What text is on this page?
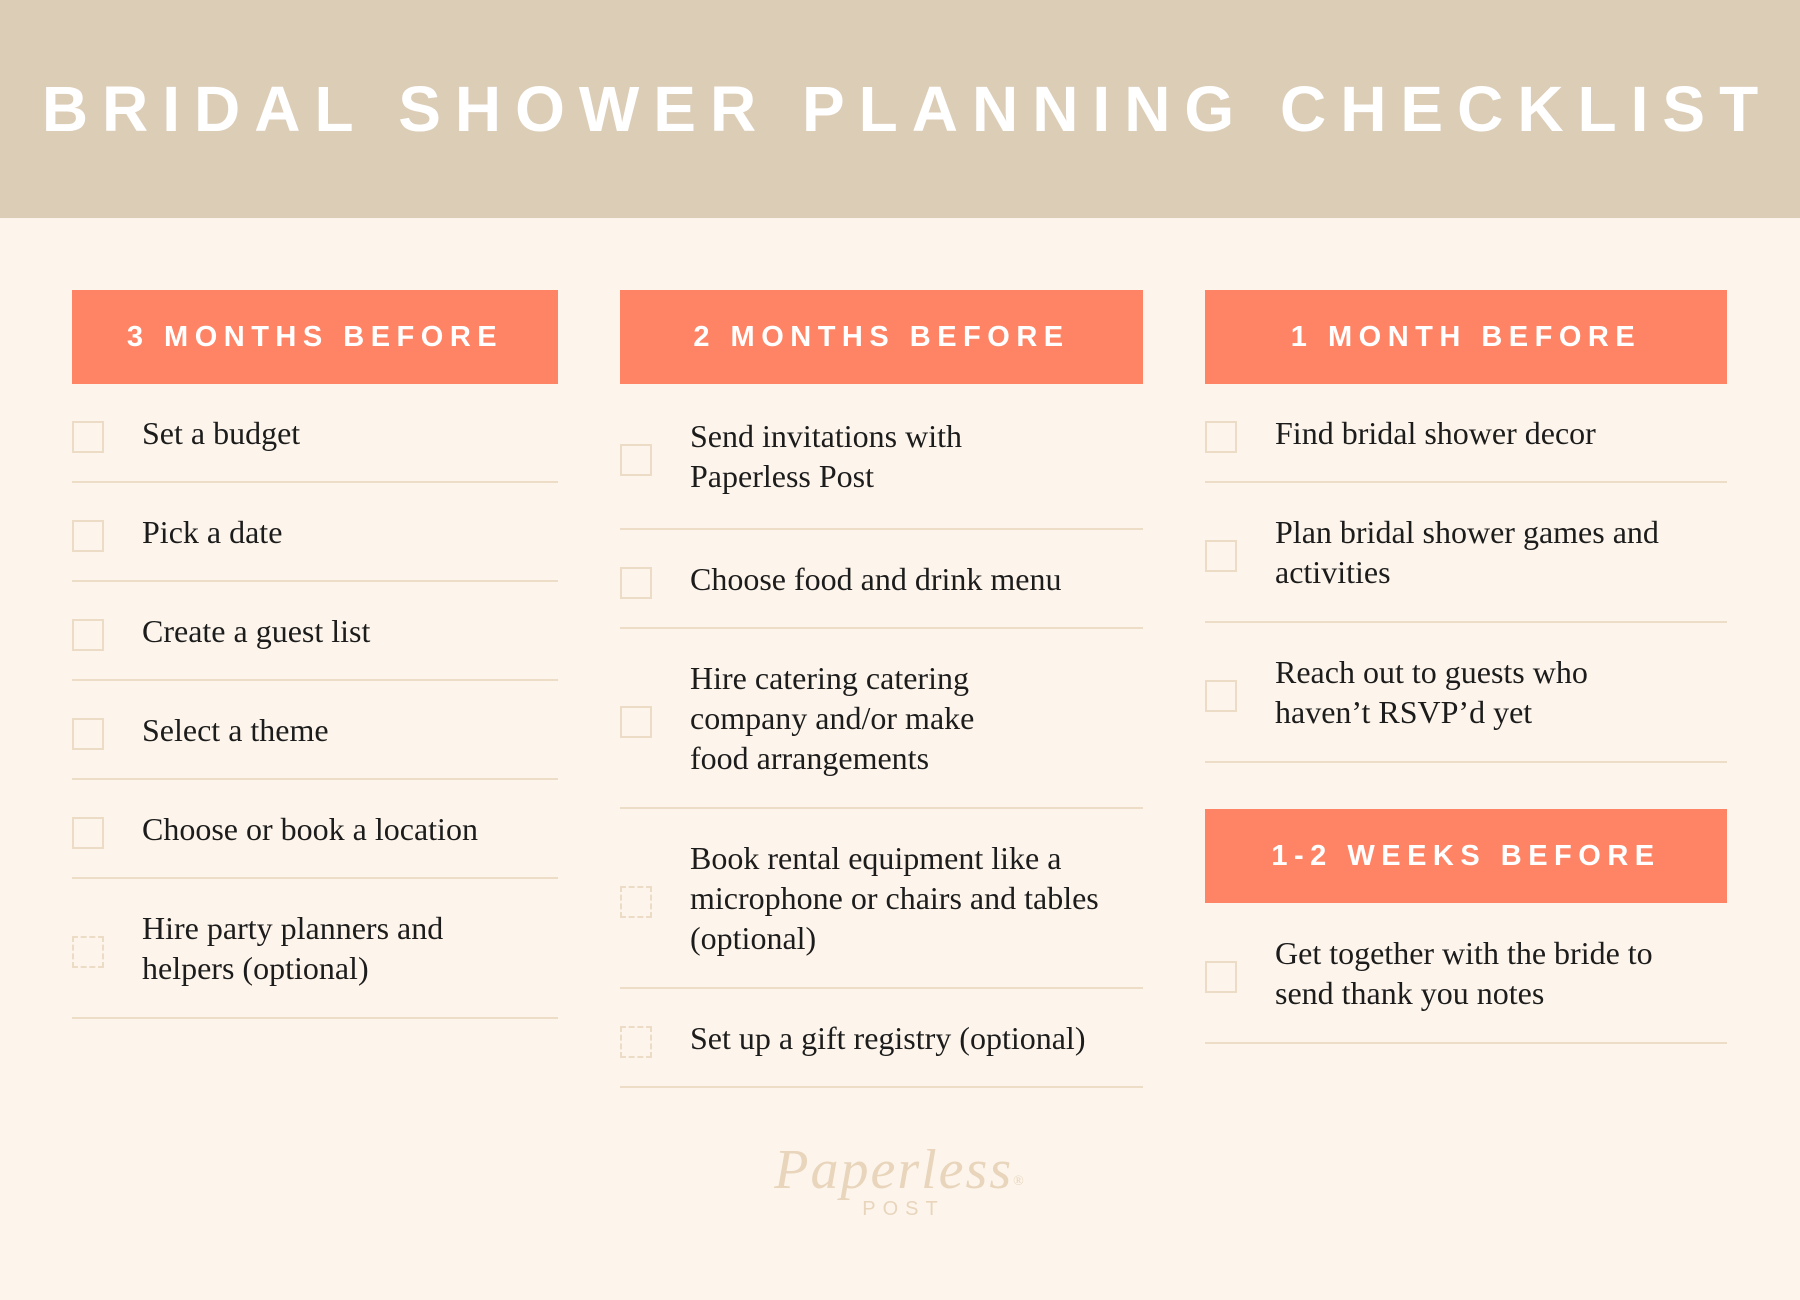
BRIDAL SHOWER PLANNING CHECKLIST
3 MONTHS BEFORE
Set a budget
Pick a date
Create a guest list
Select a theme
Choose or book a location
Hire party planners and helpers (optional)
2 MONTHS BEFORE
Send invitations with Paperless Post
Choose food and drink menu
Hire catering catering company and/or make food arrangements
Book rental equipment like a microphone or chairs and tables (optional)
Set up a gift registry (optional)
1 MONTH BEFORE
Find bridal shower decor
Plan bridal shower games and activities
Reach out to guests who haven’t RSVP’d yet
1-2 WEEKS BEFORE
Get together with the bride to send thank you notes
Paperless®
POST
